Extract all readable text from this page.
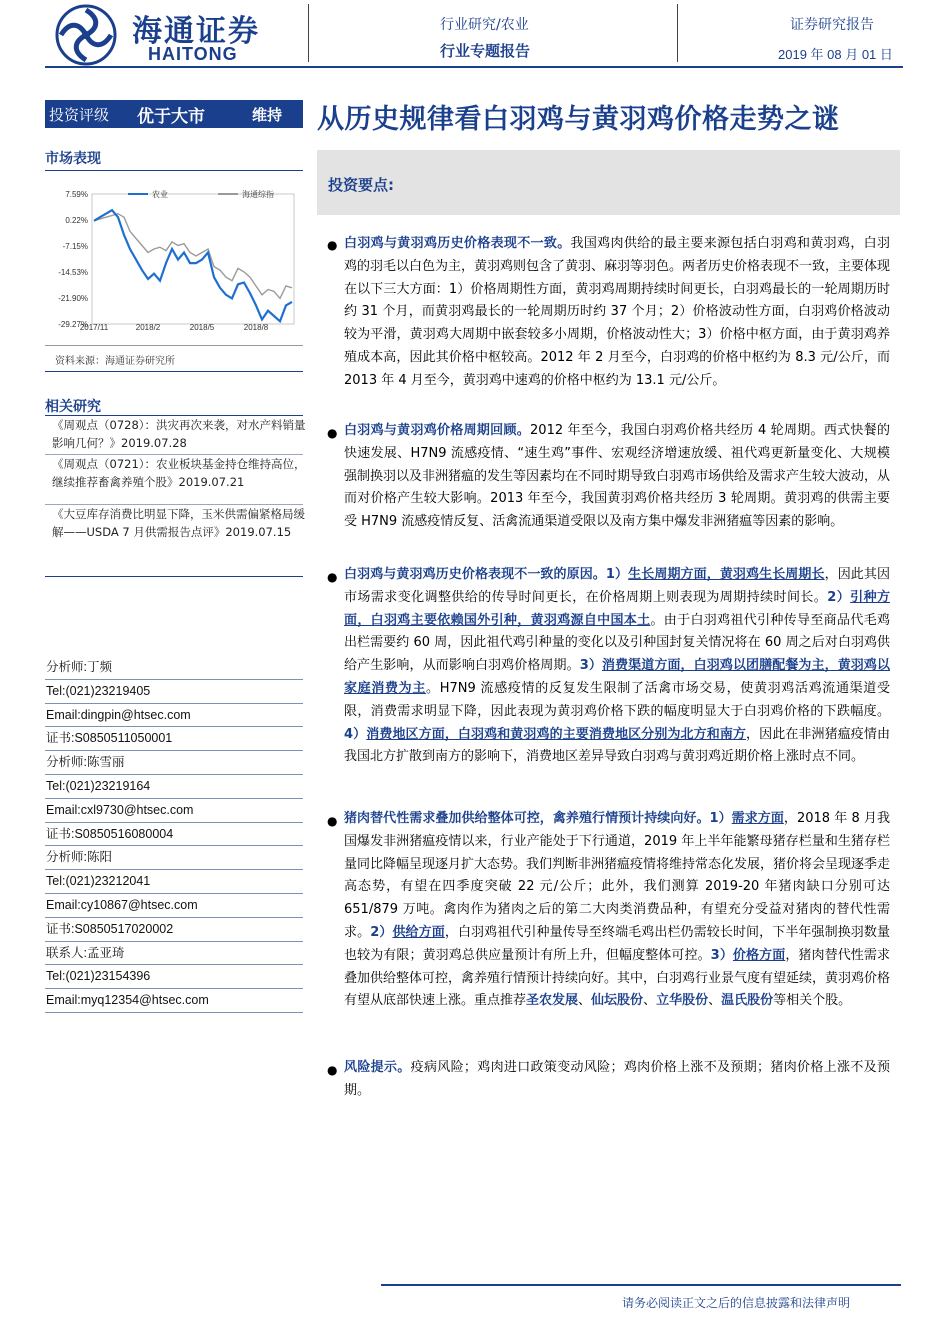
海通证券
HAITONG
行业研究/农业
行业专题报告
证券研究报告
2019 年 08 月 01 日
投资评级 优于大市	维持 从历史规律看白羽鸡与黄羽鸡价格走势之谜
市场表现
7.59%
0.22%
-7.15%
-14.53%
-21.90%
-29.27%
2017/11	2018/2	2018/5	2018/8
农业	海通综指
资料来源：海通证券研究所
相关研究
《周观点（0728）：洪灾再次来袭，对水产料销量影响几何？》2019.07.28
《周观点（0721）：农业板块基金持仓维持高位，继续推荐畜禽养殖个股》2019.07.21
《大豆库存消费比明显下降，玉米供需偏紧格局缓解——USDA 7 月供需报告点评》2019.07.15
分析师:丁频
Tel:(021)23219405
Email:dingpin@htsec.com
证书:S0850511050001
分析师:陈雪丽
Tel:(021)23219164
Email:cxl9730@htsec.com
证书:S0850516080004
分析师:陈阳
Tel:(021)23212041
Email:cy10867@htsec.com
证书:S0850517020002
联系人:孟亚琦
Tel:(021)23154396
Email:myq12354@htsec.com
投资要点:
● 白羽鸡与黄羽鸡历史价格表现不一致。我国鸡肉供给的最主要来源包括白羽鸡和黄羽鸡，白羽鸡的羽毛以白色为主，黄羽鸡则包含了黄羽、麻羽等羽色。两者历史价格表现不一致，主要体现在以下三大方面：1）价格周期性方面，黄羽鸡周期持续时间更长，白羽鸡最长的一轮周期历时约 31 个月，而黄羽鸡最长的一轮周期历时约 37 个月；2）价格波动性方面，白羽鸡价格波动较为平滑，黄羽鸡大周期中嵌套较多小周期，价格波动性大；3）价格中枢方面，由于黄羽鸡养殖成本高，因此其价格中枢较高。2012 年 2 月至今，白羽鸡的价格中枢约为 8.3 元/公斤，而 2013 年 4 月至今，黄羽鸡中速鸡的价格中枢约为 13.1 元/公斤。
● 白羽鸡与黄羽鸡价格周期回顾。2012 年至今，我国白羽鸡价格共经历 4 轮周期。西式快餐的快速发展、H7N9 流感疫情、“速生鸡”事件、宏观经济增速放缓、祖代鸡更新量变化、大规模强制换羽以及非洲猪瘟的发生等因素均在不同时期导致白羽鸡市场供给及需求产生较大波动，从而对价格产生较大影响。2013 年至今，我国黄羽鸡价格共经历 3 轮周期。黄羽鸡的供需主要受 H7N9 流感疫情反复、活禽流通渠道受限以及南方集中爆发非洲猪瘟等因素的影响。
● 白羽鸡与黄羽鸡历史价格表现不一致的原因。1）生长周期方面，黄羽鸡生长周期长，因此其因市场需求变化调整供给的传导时间更长，在价格周期上则表现为周期持续时间长。2）引种方面，白羽鸡主要依赖国外引种，黄羽鸡源自中国本土。由于白羽鸡祖代引种传导至商品代毛鸡出栏需要约 60 周，因此祖代鸡引种量的变化以及引种国封复关情况将在 60 周之后对白羽鸡供给产生影响，从而影响白羽鸡价格周期。3）消费渠道方面，白羽鸡以团膳配餐为主，黄羽鸡以家庭消费为主。H7N9 流感疫情的反复发生限制了活禽市场交易，使黄羽鸡活鸡流通渠道受限，消费需求明显下降，因此表现为黄羽鸡价格下跌的幅度明显大于白羽鸡价格的下跌幅度。4）消费地区方面，白羽鸡和黄羽鸡的主要消费地区分别为北方和南方，因此在非洲猪瘟疫情由我国北方扩散到南方的影响下，消费地区差异导致白羽鸡与黄羽鸡近期价格上涨时点不同。
● 猪肉替代性需求叠加供给整体可控，禽养殖行情预计持续向好。1）需求方面，2018 年 8 月我国爆发非洲猪瘟疫情以来，行业产能处于下行通道，2019 年上半年能繁母猪存栏量和生猪存栏量同比降幅呈现逐月扩大态势。我们判断非洲猪瘟疫情将维持常态化发展，猪价将会呈现逐季走高态势，有望在四季度突破 22 元/公斤；此外，我们测算 2019-20 年猪肉缺口分别可达 651/879 万吨。禽肉作为猪肉之后的第二大肉类消费品种，有望充分受益对猪肉的替代性需求。2）供给方面，白羽鸡祖代引种量传导至终端毛鸡出栏仍需较长时间，下半年强制换羽数量也较为有限；黄羽鸡总供应量预计有所上升，但幅度整体可控。3）价格方面，猪肉替代性需求叠加供给整体可控，禽养殖行情预计持续向好。其中，白羽鸡行业景气度有望延续，黄羽鸡价格有望从底部快速上涨。重点推荐圣农发展、仙坛股份、立华股份、温氏股份等相关个股。
● 风险提示。疫病风险；鸡肉进口政策变动风险；鸡肉价格上涨不及预期；猪肉价格上涨不及预期。
请务必阅读正文之后的信息披露和法律声明
